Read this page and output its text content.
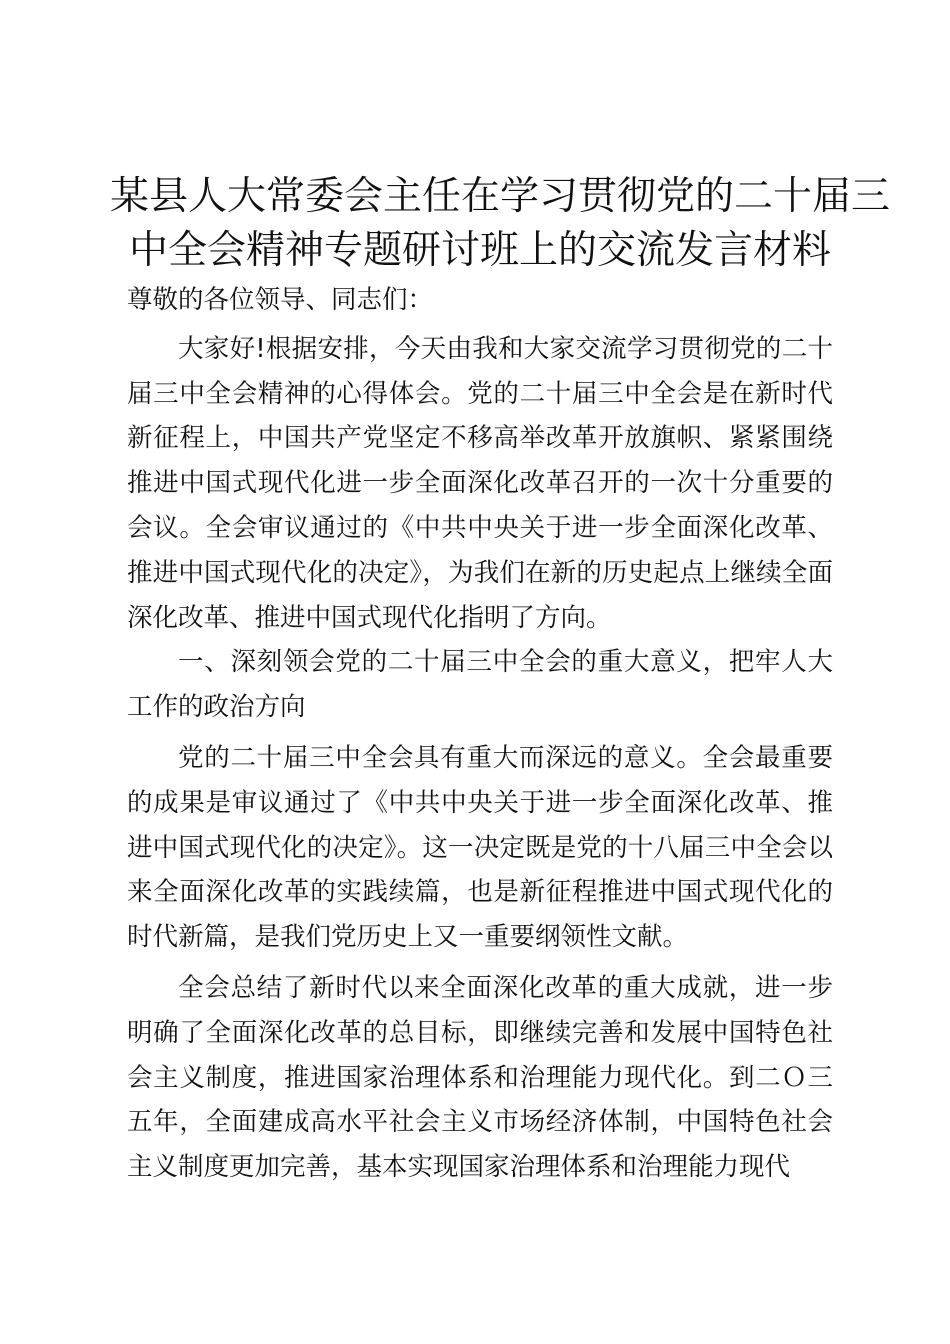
某县人大常委会主任在学习贯彻党的二十届三
中全会精神专题研讨班上的交流发言材料

尊敬的各位领导、同志们：

大家好!根据安排，今天由我和大家交流学习贯彻党的二十届三中全会精神的心得体会。党的二十届三中全会是在新时代新征程上，中国共产党坚定不移高举改革开放旗帜、紧紧围绕推进中国式现代化进一步全面深化改革召开的一次十分重要的会议。全会审议通过的《中共中央关于进一步全面深化改革、推进中国式现代化的决定》，为我们在新的历史起点上继续全面深化改革、推进中国式现代化指明了方向。

一、深刻领会党的二十届三中全会的重大意义，把牢人大工作的政治方向

党的二十届三中全会具有重大而深远的意义。全会最重要的成果是审议通过了《中共中央关于进一步全面深化改革、推进中国式现代化的决定》。这一决定既是党的十八届三中全会以来全面深化改革的实践续篇，也是新征程推进中国式现代化的时代新篇，是我们党历史上又一重要纲领性文献。

全会总结了新时代以来全面深化改革的重大成就，进一步明确了全面深化改革的总目标，即继续完善和发展中国特色社会主义制度，推进国家治理体系和治理能力现代化。到二Ｏ三五年，全面建成高水平社会主义市场经济体制，中国特色社会主义制度更加完善，基本实现国家治理体系和治理能力现代
